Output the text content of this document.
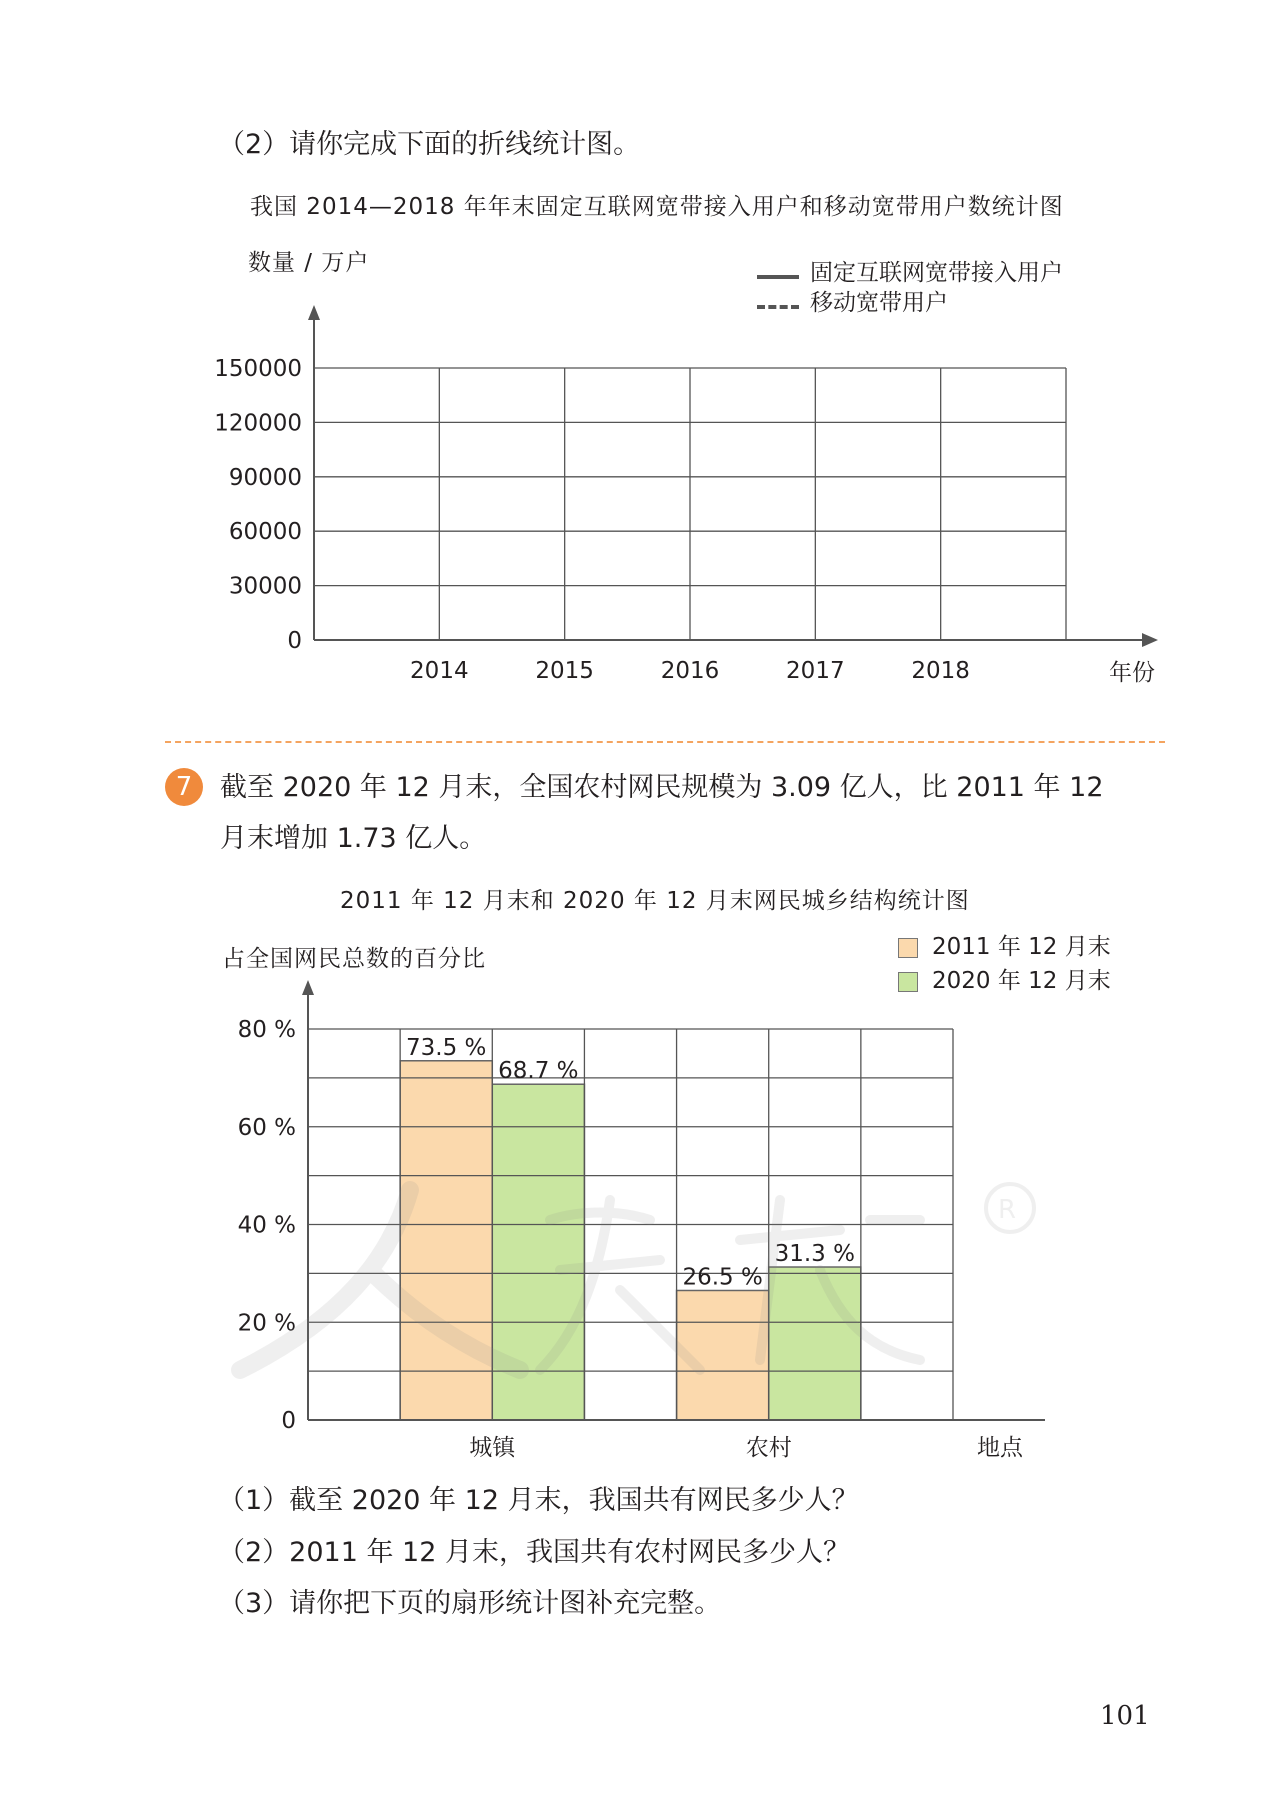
（2）请你完成下面的折线统计图。
我国 2014—2018 年年末固定互联网宽带接入用户和移动宽带用户数统计图
数量 / 万户	固定互联网宽带接入用户
移动宽带用户
0
30000
60000
90000
120000
150000
2014	2015	2016	2017	2018	年份
7	截至 2020 年 12 月末，全国农村网民规模为 3.09 亿人，比 2011 年 12
月末增加 1.73 亿人。
2011 年 12 月末和 2020 年 12 月末网民城乡结构统计图
占全国网民总数的百分比	2011 年 12 月末
2020 年 12 月末
73.5 %
26.5 %
68.7 %
31.3 %
0
20 %
40 %
60 %
80 %
城镇	农村	地点
R
（1）截至 2020 年 12 月末，我国共有网民多少人？
（2）2011 年 12 月末，我国共有农村网民多少人？
（3）请你把下页的扇形统计图补充完整。
101
